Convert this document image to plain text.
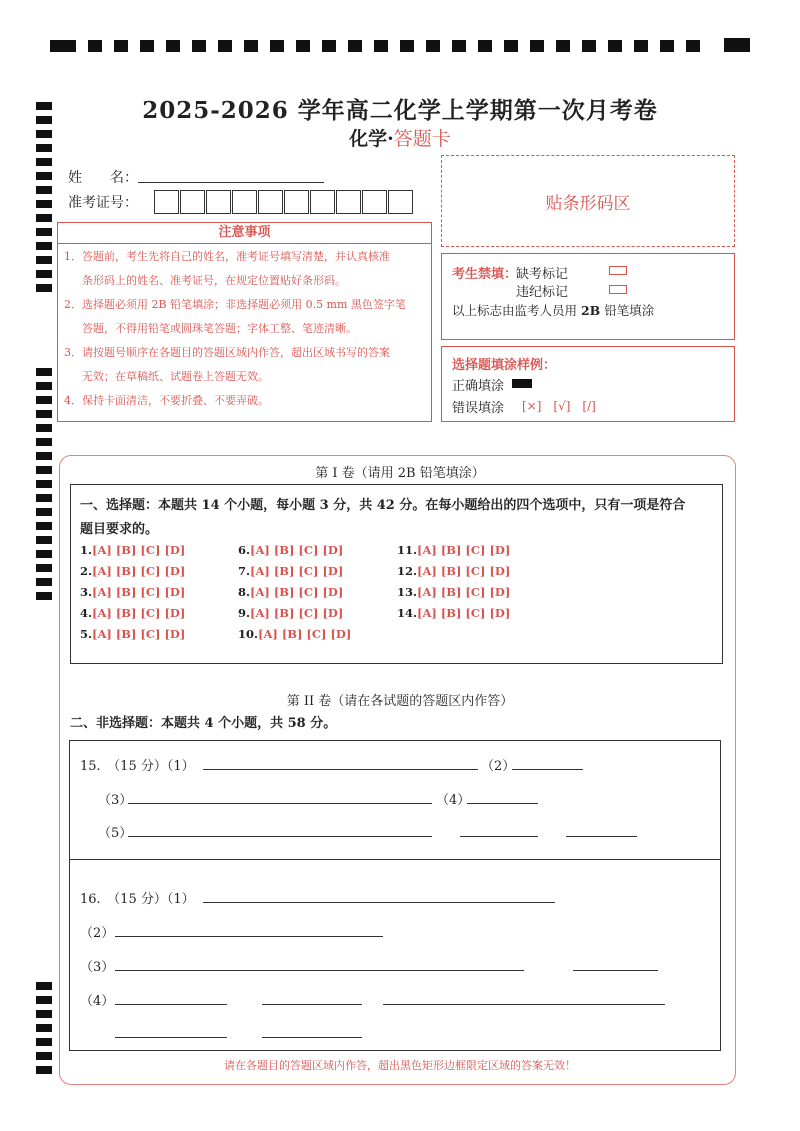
2025-2026 学年高二化学上学期第一次月考卷
化学·答题卡
姓　　名：
准考证号：	贴条形码区
注意事项
1．答题前，考生先将自己的姓名，准考证号填写清楚，并认真核准
条形码上的姓名、准考证号，在规定位置贴好条形码。
2．选择题必须用 2B 铅笔填涂；非选择题必须用 0.5 mm 黑色签字笔
答题，不得用铅笔或圆珠笔答题；字体工整、笔迹清晰。
3．请按题号顺序在各题目的答题区域内作答，超出区域书写的答案
无效；在草稿纸、试题卷上答题无效。
4．保持卡面清洁，不要折叠、不要弄破。
考生禁填：
缺考标记
违纪标记
以上标志由监考人员用 2B 铅笔填涂
选择题填涂样例：
正确填涂
错误填涂 [×]　[√]　[/]
第 I 卷（请用 2B 铅笔填涂）
一、选择题：本题共 14 个小题，每小题 3 分，共 42 分。在每小题给出的四个选项中，只有一项是符合
题目要求的。
1.[A] [B] [C] [D]
2.[A] [B] [C] [D]
3.[A] [B] [C] [D]
4.[A] [B] [C] [D]
5.[A] [B] [C] [D]
6.[A] [B] [C] [D]
7.[A] [B] [C] [D]
8.[A] [B] [C] [D]
9.[A] [B] [C] [D]
10.[A] [B] [C] [D]
11.[A] [B] [C] [D]
12.[A] [B] [C] [D]
13.[A] [B] [C] [D]
14.[A] [B] [C] [D]
第 II 卷（请在各试题的答题区内作答）
二、非选择题：本题共 4 个小题，共 58 分。
15.　（15 分）（1）	（2）
（3）	（4）
（5）
16.　（15 分）（1）
（2）
（3）
（4）
请在各题目的答题区域内作答，超出黑色矩形边框限定区域的答案无效！
